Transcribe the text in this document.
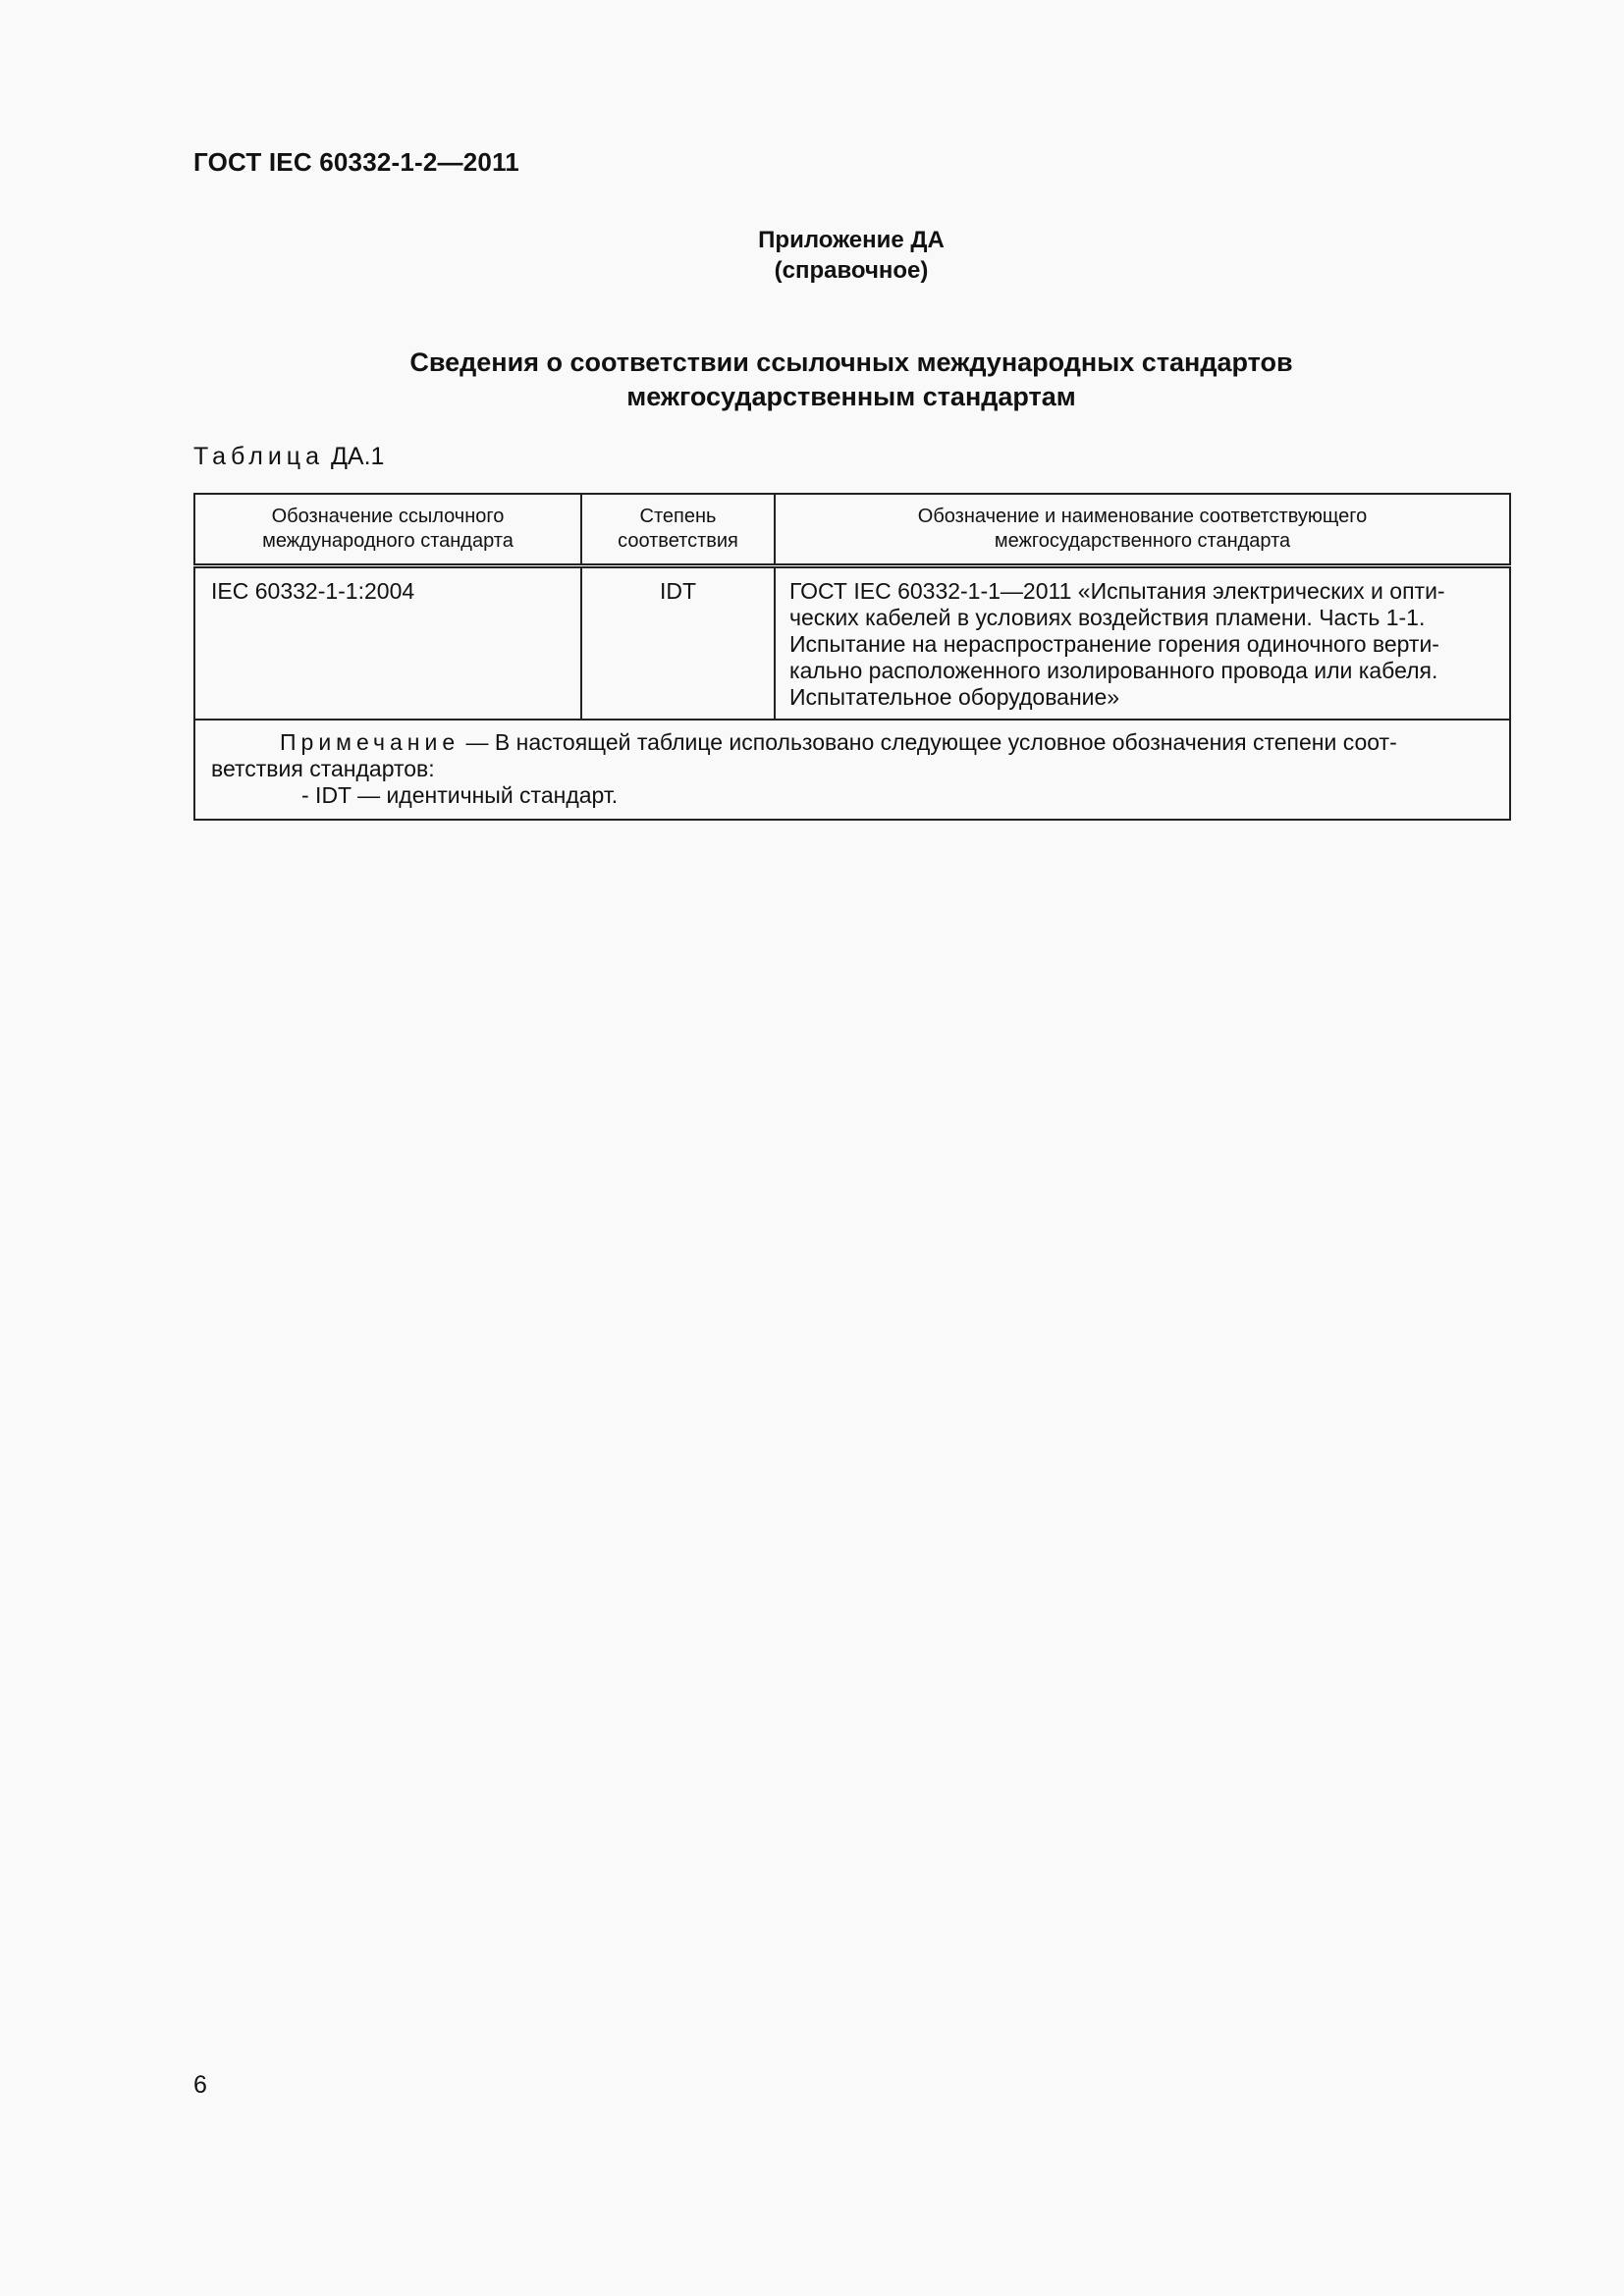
ГОСТ IEC 60332-1-2—2011
Приложение ДА
(справочное)
Сведения о соответствии ссылочных международных стандартов
межгосударственным стандартам
Таблица ДА.1
Обозначение ссылочного международного стандарта	Степень соответствия	Обозначение и наименование соответствующего межгосударственного стандарта
IEC 60332-1-1:2004	IDT	ГОСТ IEC 60332-1-1—2011 «Испытания электрических и опти-
ческих кабелей в условиях воздействия пламени. Часть 1-1.
Испытание на нераспространение горения одиночного верти-
кально расположенного изолированного провода или кабеля.
Испытательное оборудование»

Примечание — В настоящей таблице использовано следующее условное обозначения степени соот-
ветствия стандартов:
- IDT — идентичный стандарт.		
6
